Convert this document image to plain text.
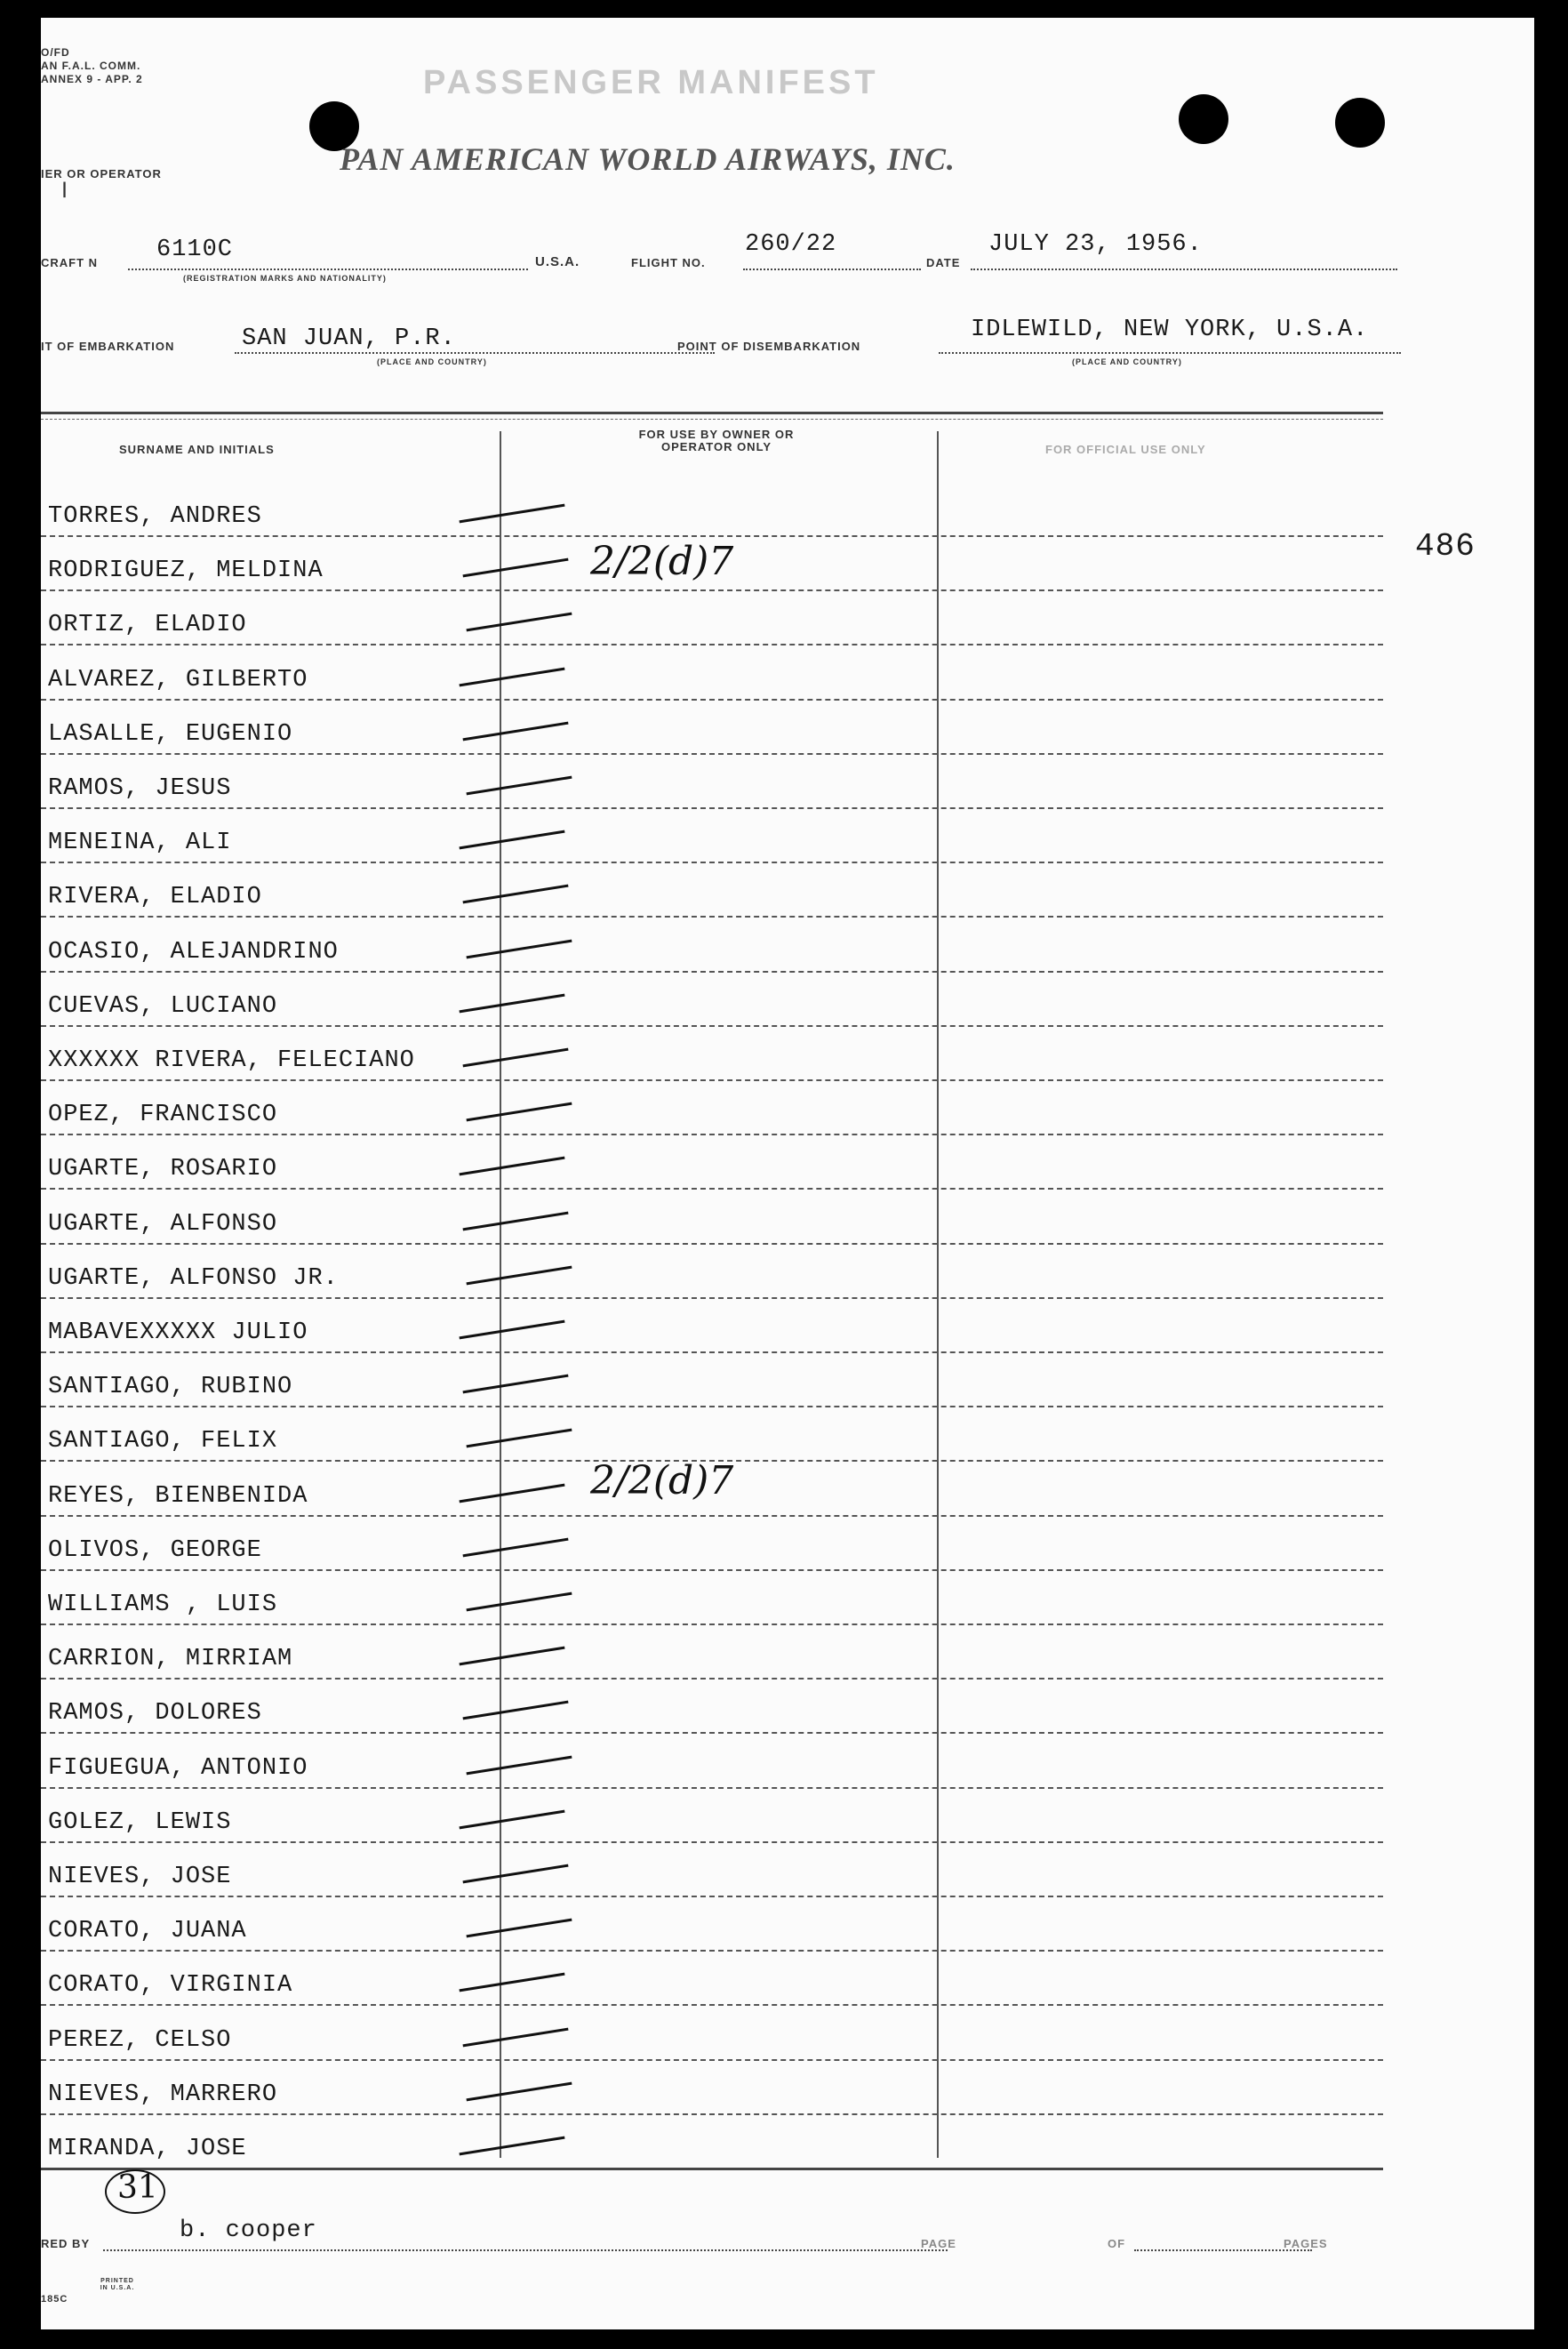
O/FD
AN F.A.L. COMM.
ANNEX 9 - APP. 2	PASSENGER MANIFEST
PAN AMERICAN WORLD AIRWAYS, INC.
IER OR OPERATOR
|
CRAFT N 6110C
(REGISTRATION MARKS AND NATIONALITY)
U.S.A.	FLIGHT NO.
260/22
DATE
JULY 23, 1956.
IT OF EMBARKATION	SAN JUAN, P.R.
(PLACE AND COUNTRY)
POINT OF DISEMBARKATION
IDLEWILD, NEW YORK, U.S.A.
(PLACE AND COUNTRY)
SURNAME AND INITIALS
FOR USE BY OWNER OR OPERATOR ONLY	FOR OFFICIAL USE ONLY
486
TORRES, ANDRES
RODRIGUEZ, MELDINA
ORTIZ, ELADIO
ALVAREZ, GILBERTO
LASALLE, EUGENIO
RAMOS, JESUS
MENEINA, ALI
RIVERA, ELADIO
OCASIO, ALEJANDRINO
CUEVAS, LUCIANO
XXXXXX RIVERA, FELECIANO
OPEZ, FRANCISCO
UGARTE, ROSARIO
UGARTE, ALFONSO
UGARTE, ALFONSO JR.
MABAVEXXXXX JULIO
SANTIAGO, RUBINO
SANTIAGO, FELIX
REYES, BIENBENIDA
OLIVOS, GEORGE
WILLIAMS , LUIS
CARRION, MIRRIAM
RAMOS, DOLORES
FIGUEGUA, ANTONIO
GOLEZ, LEWIS
NIEVES, JOSE
CORATO, JUANA
CORATO, VIRGINIA
PEREZ, CELSO
NIEVES, MARRERO
MIRANDA, JOSE
2/2(d)7
2/2(d)7
31
RED BY	b. cooper	PAGE	OF	PAGES
185C
PRINTED IN U.S.A.
